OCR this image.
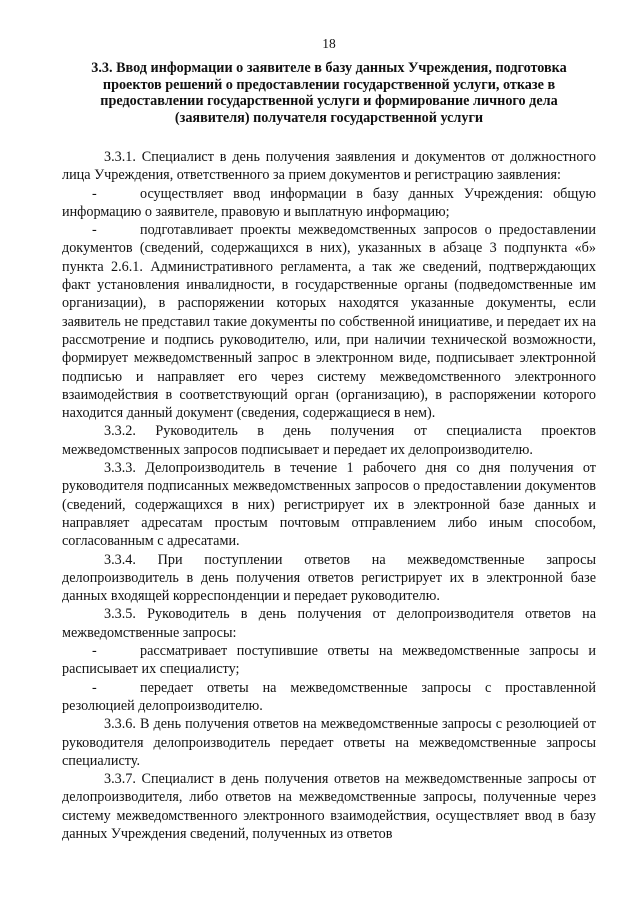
18
3.3. Ввод информации о заявителе в базу данных Учреждения, подготовка проектов решений о предоставлении государственной услуги, отказе в предоставлении государственной услуги и формирование личного дела (заявителя) получателя государственной услуги

3.3.1. Специалист в день получения заявления и документов от должностного лица Учреждения, ответственного за прием документов и регистрацию заявления:

-	осуществляет ввод информации в базу данных Учреждения: общую информацию о заявителе, правовую и выплатную информацию;

-	подготавливает проекты межведомственных запросов о предоставлении документов (сведений, содержащихся в них), указанных в абзаце 3 подпункта «б» пункта 2.6.1. Административного регламента, а так же сведений, подтверждающих факт установления инвалидности, в государственные органы (подведомственные им организации), в распоряжении которых находятся указанные документы, если заявитель не представил такие документы по собственной инициативе, и передает их на рассмотрение и подпись руководителю, или, при наличии технической возможности, формирует межведомственный запрос в электронном виде, подписывает электронной подписью и направляет его через систему межведомственного электронного взаимодействия в соответствующий орган (организацию), в распоряжении которого находится данный документ (сведения, содержащиеся в нем).

3.3.2. Руководитель в день получения от специалиста проектов межведомственных запросов подписывает и передает их делопроизводителю.

3.3.3. Делопроизводитель в течение 1 рабочего дня со дня получения от руководителя подписанных межведомственных запросов о предоставлении документов (сведений, содержащихся в них) регистрирует их в электронной базе данных и направляет адресатам простым почтовым отправлением либо иным способом, согласованным с адресатами.

3.3.4. При поступлении ответов на межведомственные запросы делопроизводитель в день получения ответов регистрирует их в электронной базе данных входящей корреспонденции и передает руководителю.

3.3.5. Руководитель в день получения от делопроизводителя ответов на межведомственные запросы:

-	рассматривает поступившие ответы на межведомственные запросы и расписывает их специалисту;

-	передает ответы на межведомственные запросы с проставленной резолюцией делопроизводителю.

3.3.6. В день получения ответов на межведомственные запросы с резолюцией от руководителя делопроизводитель передает ответы на межведомственные запросы специалисту.

3.3.7. Специалист в день получения ответов на межведомственные запросы от делопроизводителя, либо ответов на межведомственные запросы, полученные через систему межведомственного электронного взаимодействия, осуществляет ввод в базу данных Учреждения сведений, полученных из ответов
